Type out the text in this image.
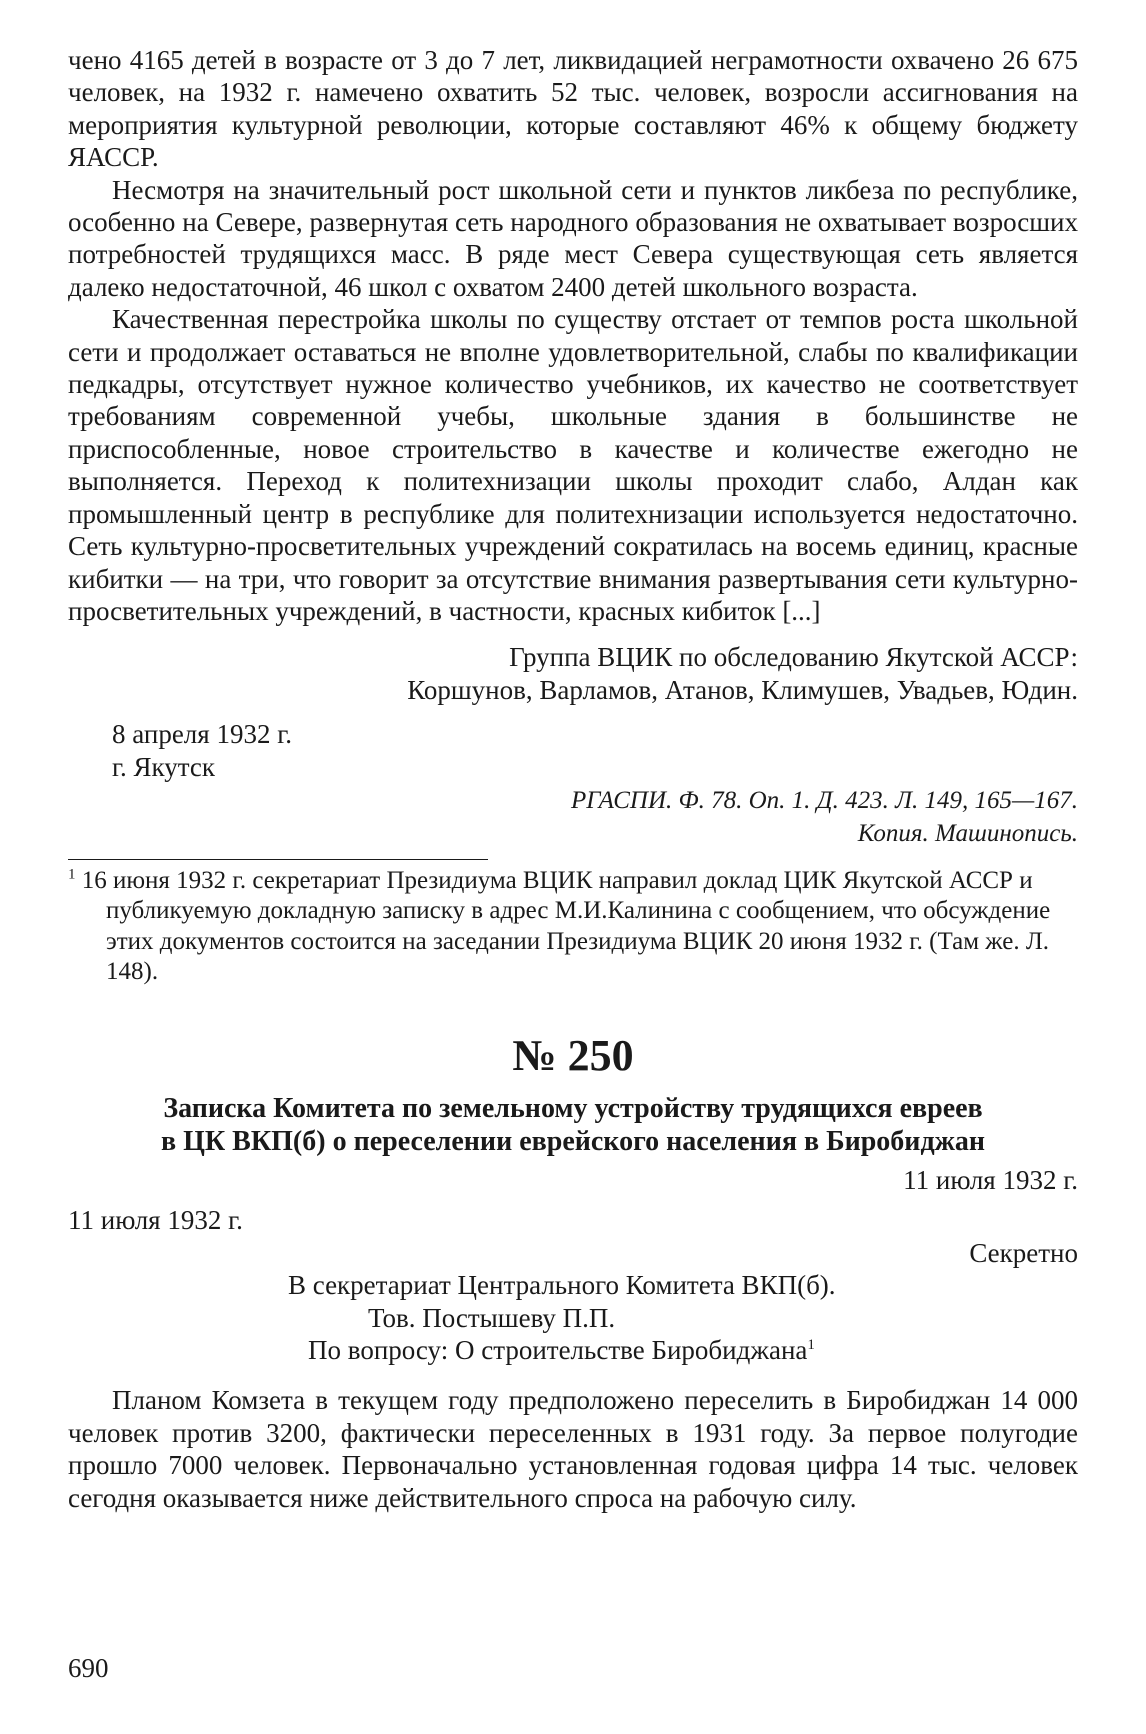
чено 4165 детей в возрасте от 3 до 7 лет, ликвидацией неграмотности охвачено 26 675 человек, на 1932 г. намечено охватить 52 тыс. человек, возросли ассигнования на мероприятия культурной революции, которые составляют 46% к общему бюджету ЯАССР.

Несмотря на значительный рост школьной сети и пунктов ликбеза по республике, особенно на Севере, развернутая сеть народного образования не охватывает возросших потребностей трудящихся масс. В ряде мест Севера существующая сеть является далеко недостаточной, 46 школ с охватом 2400 детей школьного возраста.

Качественная перестройка школы по существу отстает от темпов роста школьной сети и продолжает оставаться не вполне удовлетворительной, слабы по квалификации педкадры, отсутствует нужное количество учебников, их качество не соответствует требованиям современной учебы, школьные здания в большинстве не приспособленные, новое строительство в качестве и количестве ежегодно не выполняется. Переход к политехнизации школы проходит слабо, Алдан как промышленный центр в республике для политехнизации используется недостаточно. Сеть культурно-просветительных учреждений сократилась на восемь единиц, красные кибитки — на три, что говорит за отсутствие внимания развертывания сети культурно-просветительных учреждений, в частности, красных кибиток [...]

Группа ВЦИК по обследованию Якутской АССР:

Коршунов, Варламов, Атанов, Климушев, Увадьев, Юдин.

8 апреля 1932 г.

г. Якутск

РГАСПИ. Ф. 78. Оп. 1. Д. 423. Л. 149, 165—167.

Копия. Машинопись.

$^1$ 16 июня 1932 г. секретариат Президиума ВЦИК направил доклад ЦИК Якутской АССР и публикуемую докладную записку в адрес М.И.Калинина с сообщением, что обсуждение этих документов состоится на заседании Президиума ВЦИК 20 июня 1932 г. (Там же. Л. 148).

№ 250

Записка Комитета по земельному устройству трудящихся евреев

в ЦК ВКП(б) о переселении еврейского населения в Биробиджан

11 июля 1932 г.

11 июля 1932 г.

Секретно

В секретариат Центрального Комитета ВКП(б).

Тов. Постышеву П.П.

По вопросу: О строительстве Биробиджана$^1$

Планом Комзета в текущем году предположено переселить в Биробиджан 14 000 человек против 3200, фактически переселенных в 1931 году. За первое полугодие прошло 7000 человек. Первоначально установленная годовая цифра 14 тыс. человек сегодня оказывается ниже действительного спроса на рабочую силу.

690
